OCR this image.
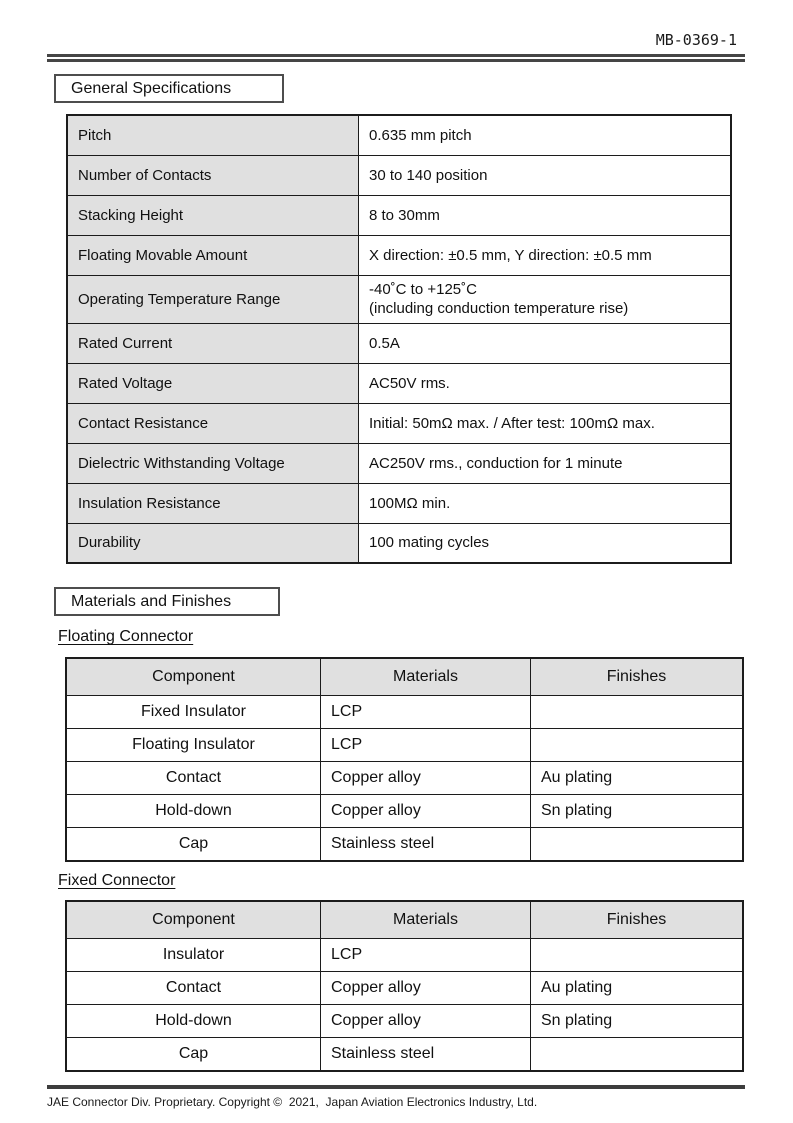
MB-0369-1
General Specifications
Pitch	0.635 mm pitch
Number of Contacts	30 to 140 position
Stacking Height	8 to 30mm
Floating Movable Amount	X direction: ±0.5 mm, Y direction: ±0.5 mm
Operating Temperature Range	-40˚C to +125˚C
(including conduction temperature rise)

Rated Current	0.5A
Rated Voltage	AC50V rms.
Contact Resistance	Initial: 50mΩ max. / After test: 100mΩ max.
Dielectric Withstanding Voltage	AC250V rms., conduction for 1 minute
Insulation Resistance	100MΩ min.
Durability	100 mating cycles
Materials and Finishes
Floating Connector
Component	Materials	Finishes
Fixed Insulator	LCP	
Floating Insulator	LCP	
Contact	Copper alloy	Au plating
Hold-down	Copper alloy	Sn plating
Cap	Stainless steel	
Fixed Connector
Component	Materials	Finishes
Insulator	LCP	
Contact	Copper alloy	Au plating
Hold-down	Copper alloy	Sn plating
Cap	Stainless steel	
JAE Connector Div. Proprietary. Copyright ©  2021,  Japan Aviation Electronics Industry, Ltd.
